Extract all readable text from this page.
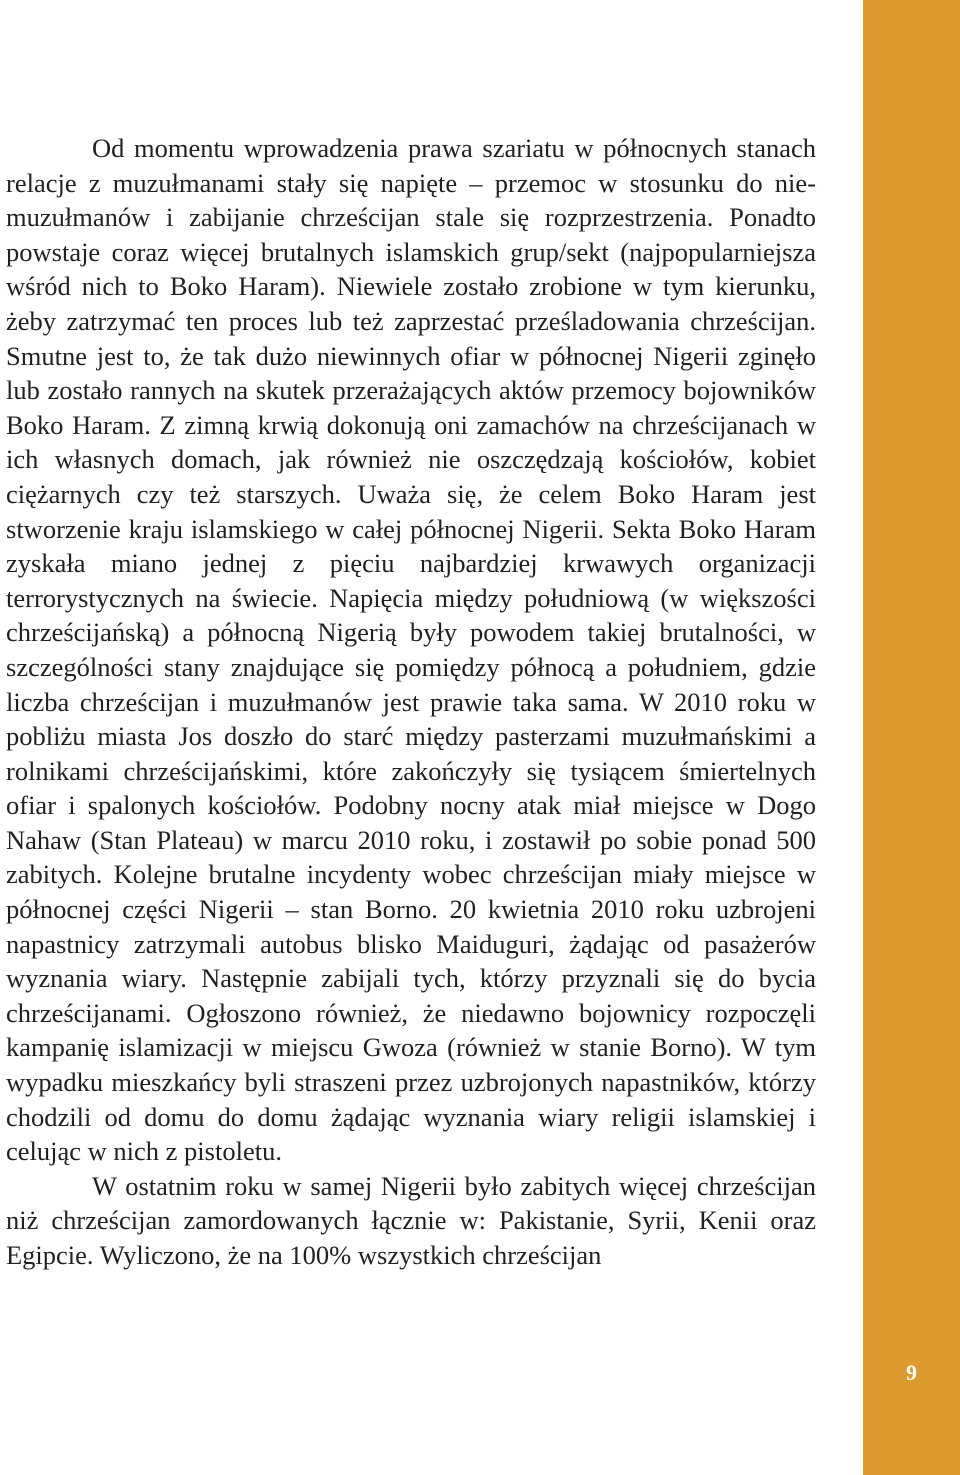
Od momentu wprowadzenia prawa szariatu w północnych stanach relacje z muzułmanami stały się napięte – przemoc w stosunku do nie-muzułmanów i zabijanie chrześcijan stale się rozprzestrzenia. Ponadto powstaje coraz więcej brutalnych islamskich grup/sekt (najpopularniejsza wśród nich to Boko Haram). Niewiele zostało zrobione w tym kierunku, żeby zatrzymać ten proces lub też zaprzestać prześladowania chrześcijan. Smutne jest to, że tak dużo niewinnych ofiar w północnej Nigerii zginęło lub zostało rannych na skutek przerażających aktów przemocy bojowników Boko Haram. Z zimną krwią dokonują oni zamachów na chrześcijanach w ich własnych domach, jak również nie oszczędzają kościołów, kobiet ciężarnych czy też starszych. Uważa się, że celem Boko Haram jest stworzenie kraju islamskiego w całej północnej Nigerii. Sekta Boko Haram zyskała miano jednej z pięciu najbardziej krwawych organizacji terrorystycznych na świecie. Napięcia między południową (w większości chrześcijańską) a północną Nigerią były powodem takiej brutalności, w szczególności stany znajdujące się pomiędzy północą a południem, gdzie liczba chrześcijan i muzułmanów jest prawie taka sama. W 2010 roku w pobliżu miasta Jos doszło do starć między pasterzami muzułmańskimi a rolnikami chrześcijańskimi, które zakończyły się tysiącem śmiertelnych ofiar i spalonych kościołów. Podobny nocny atak miał miejsce w Dogo Nahaw (Stan Plateau) w marcu 2010 roku, i zostawił po sobie ponad 500 zabitych. Kolejne brutalne incydenty wobec chrześcijan miały miejsce w północnej części Nigerii – stan Borno. 20 kwietnia 2010 roku uzbrojeni napastnicy zatrzymali autobus blisko Maiduguri, żądając od pasażerów wyznania wiary. Następnie zabijali tych, którzy przyznali się do bycia chrześcijanami. Ogłoszono również, że niedawno bojownicy rozpoczęli kampanię islamizacji w miejscu Gwoza (również w stanie Borno). W tym wypadku mieszkańcy byli straszeni przez uzbrojonych napastników, którzy chodzili od domu do domu żądając wyznania wiary religii islamskiej i celując w nich z pistoletu.

W ostatnim roku w samej Nigerii było zabitych więcej chrześcijan niż chrześcijan zamordowanych łącznie w: Pakistanie, Syrii, Kenii oraz Egipcie. Wyliczono, że na 100% wszystkich chrześcijan

9
